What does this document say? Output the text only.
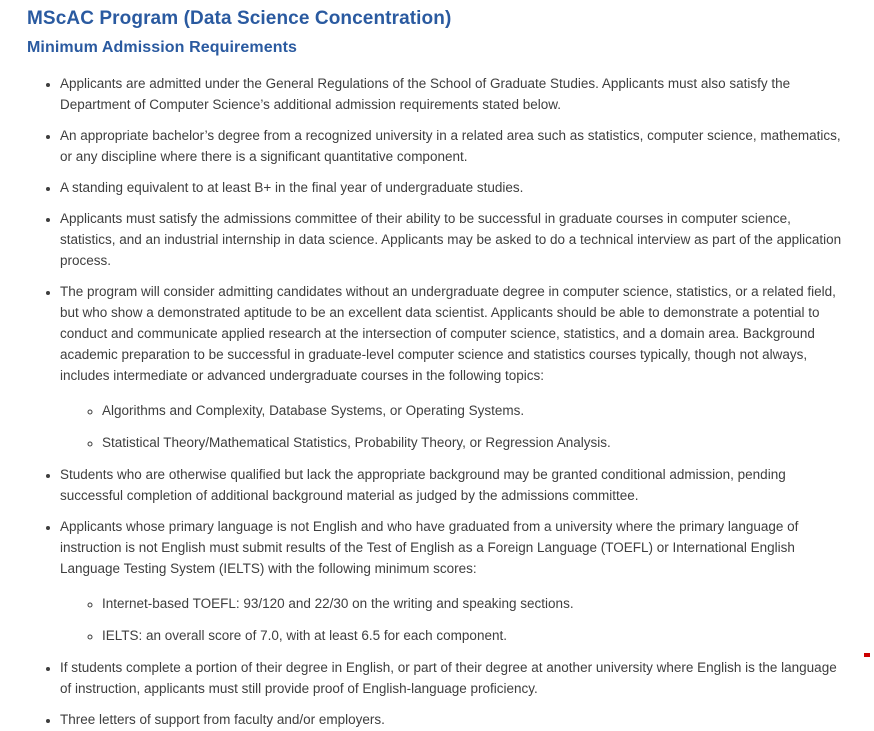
MScAC Program (Data Science Concentration)
Minimum Admission Requirements
• Applicants are admitted under the General Regulations of the School of Graduate Studies. Applicants must also satisfy the Department of Computer Science’s additional admission requirements stated below.
• An appropriate bachelor’s degree from a recognized university in a related area such as statistics, computer science, mathematics, or any discipline where there is a significant quantitative component.
• A standing equivalent to at least B+ in the final year of undergraduate studies.
• Applicants must satisfy the admissions committee of their ability to be successful in graduate courses in computer science, statistics, and an industrial internship in data science. Applicants may be asked to do a technical interview as part of the application process.
• The program will consider admitting candidates without an undergraduate degree in computer science, statistics, or a related field, but who show a demonstrated aptitude to be an excellent data scientist. Applicants should be able to demonstrate a potential to conduct and communicate applied research at the intersection of computer science, statistics, and a domain area. Background academic preparation to be successful in graduate-level computer science and statistics courses typically, though not always, includes intermediate or advanced undergraduate courses in the following topics:
◦ Algorithms and Complexity, Database Systems, or Operating Systems.
◦ Statistical Theory/Mathematical Statistics, Probability Theory, or Regression Analysis.
• Students who are otherwise qualified but lack the appropriate background may be granted conditional admission, pending successful completion of additional background material as judged by the admissions committee.
• Applicants whose primary language is not English and who have graduated from a university where the primary language of instruction is not English must submit results of the Test of English as a Foreign Language (TOEFL) or International English Language Testing System (IELTS) with the following minimum scores:
◦ Internet-based TOEFL: 93/120 and 22/30 on the writing and speaking sections.
◦ IELTS: an overall score of 7.0, with at least 6.5 for each component.
• If students complete a portion of their degree in English, or part of their degree at another university where English is the language of instruction, applicants must still provide proof of English-language proficiency.
• Three letters of support from faculty and/or employers.
